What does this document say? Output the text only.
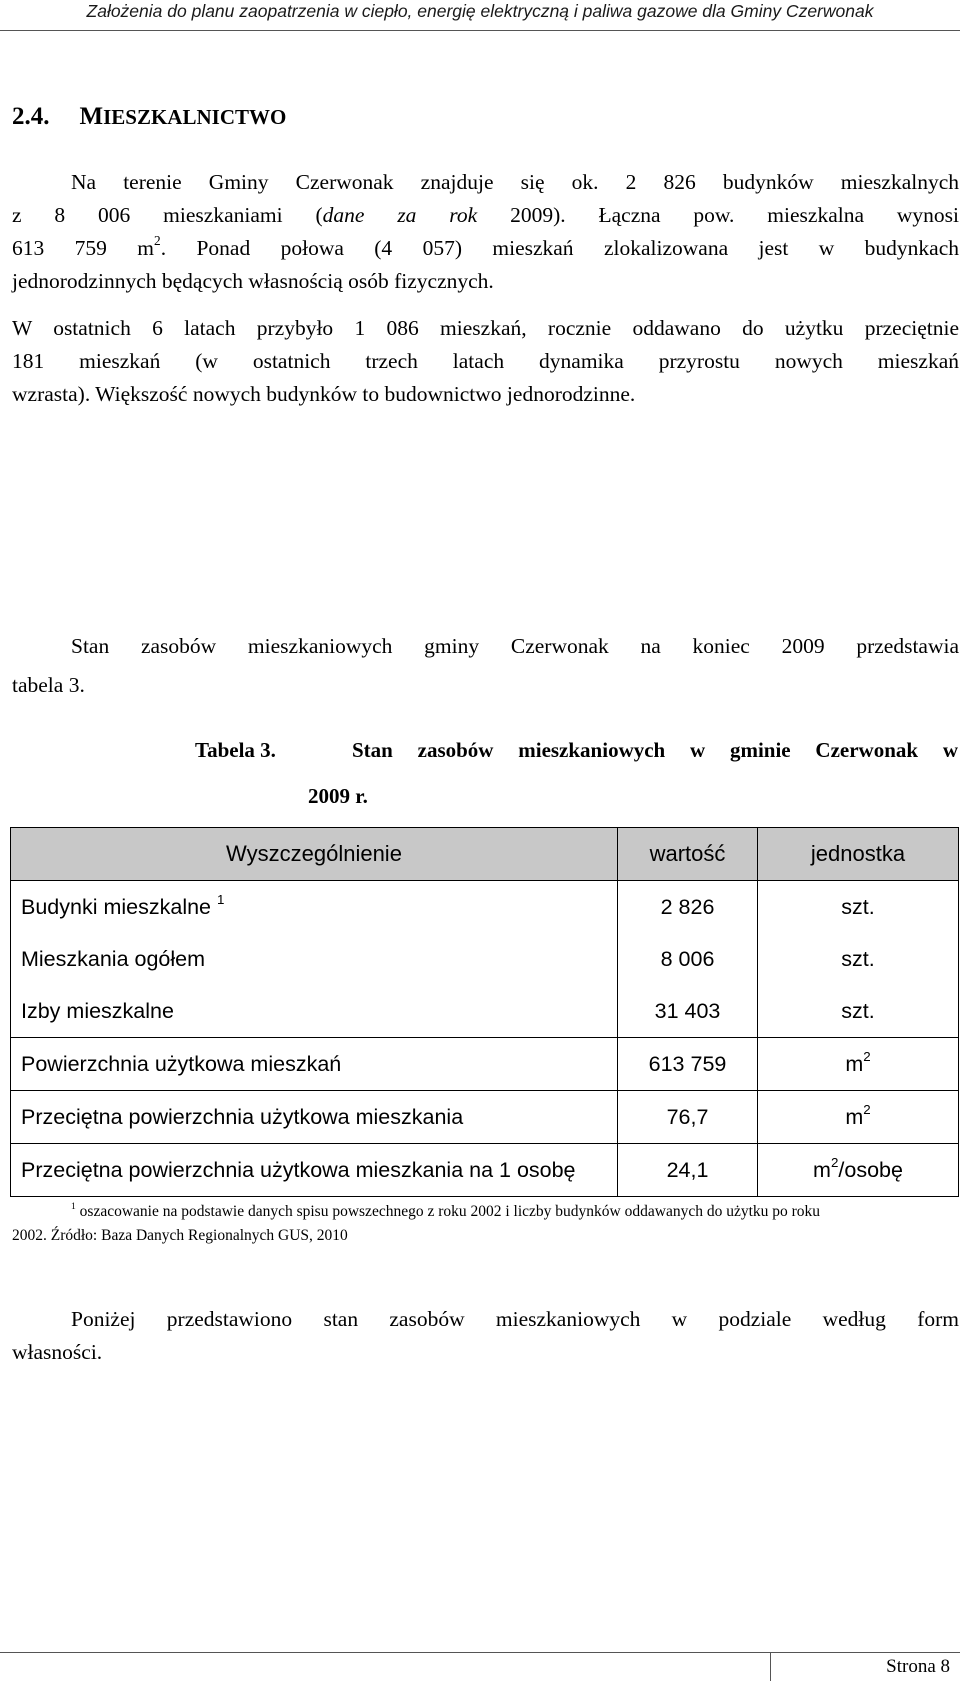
Założenia do planu zaopatrzenia w ciepło, energię elektryczną i paliwa gazowe dla Gminy Czerwonak
2.4. MIESZKALNICTWO
Na terenie Gminy Czerwonak znajduje się ok. 2 826 budynków mieszkalnych
z 8 006 mieszkaniami (dane za rok 2009). Łączna pow. mieszkalna wynosi
613 759 $m^2$. Ponad połowa (4 057) mieszkań zlokalizowana jest w budynkach
jednorodzinnych będących własnością osób fizycznych.
W ostatnich 6 latach przybyło 1 086 mieszkań, rocznie oddawano do użytku przeciętnie
181 mieszkań (w ostatnich trzech latach dynamika przyrostu nowych mieszkań
wzrasta). Większość nowych budynków to budownictwo jednorodzinne.
Stan zasobów mieszkaniowych gminy Czerwonak na koniec 2009 przedstawia
tabela 3.
Tabela 3.	Stan zasobów mieszkaniowych w gminie Czerwonak w
2009 r.
Wyszczególnienie	wartość	jednostka
Budynki mieszkalne $^1$	2 826	szt.
Mieszkania ogółem	8 006	szt.
Izby mieszkalne	31 403	szt.
Powierzchnia użytkowa mieszkań	613 759	$m^2$
Przeciętna powierzchnia użytkowa mieszkania	76,7	$m^2$
Przeciętna powierzchnia użytkowa mieszkania na 1 osobę	24,1	$m^2$/osobę
$^1$ oszacowanie na podstawie danych spisu powszechnego z roku 2002 i liczby budynków oddawanych do użytku po roku
2002. Źródło: Baza Danych Regionalnych GUS, 2010
Poniżej przedstawiono stan zasobów mieszkaniowych w podziale według form
własności.
Strona 8
